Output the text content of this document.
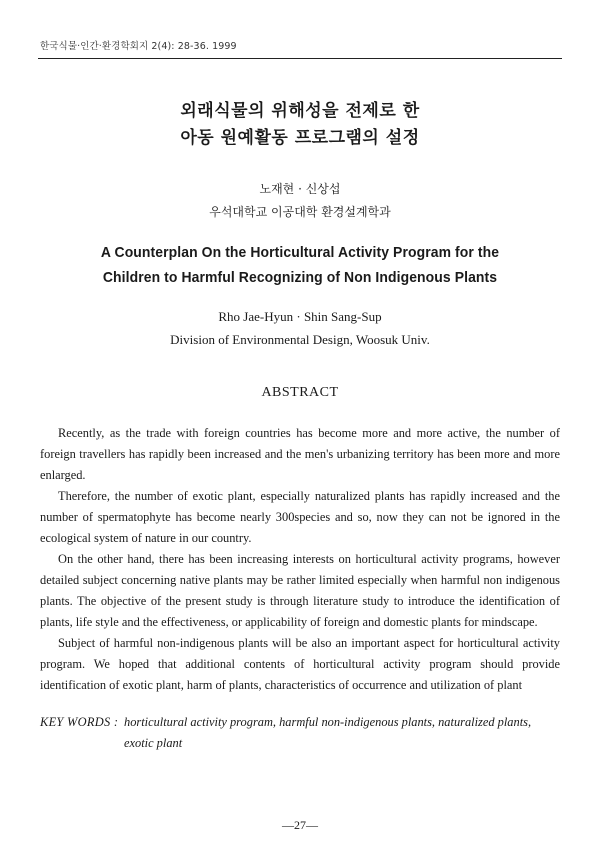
한국식물·인간·환경학회지 2(4): 28-36. 1999
외래식물의 위해성을 전제로 한
아동 원예활동 프로그램의 설정
노재현 · 신상섭
우석대학교 이공대학 환경설계학과
A Counterplan On the Horticultural Activity Program for the
Children to Harmful Recognizing of Non Indigenous Plants
Rho Jae-Hyun · Shin Sang-Sup
Division of Environmental Design, Woosuk Univ.
ABSTRACT

Recently, as the trade with foreign countries has become more and more active, the number of foreign travellers has rapidly been increased and the men's urbanizing territory has been more and more enlarged.

Therefore, the number of exotic plant, especially naturalized plants has rapidly increased and the number of spermatophyte has become nearly 300species and so, now they can not be ignored in the ecological system of nature in our country.

On the other hand, there has been increasing interests on horticultural activity programs, however detailed subject concerning native plants may be rather limited especially when harmful non indigenous plants. The objective of the present study is through literature study to introduce the identification of plants, life style and the effectiveness, or applicability of foreign and domestic plants for mindscape.

Subject of harmful non-indigenous plants will be also an important aspect for horticultural activity program. We hoped that additional contents of horticultural activity program should provide identification of exotic plant, harm of plants, characteristics of occurrence and utilization of plant

KEY WORDS : horticultural activity program, harmful non-indigenous plants, naturalized plants,
exotic plant
—27—
